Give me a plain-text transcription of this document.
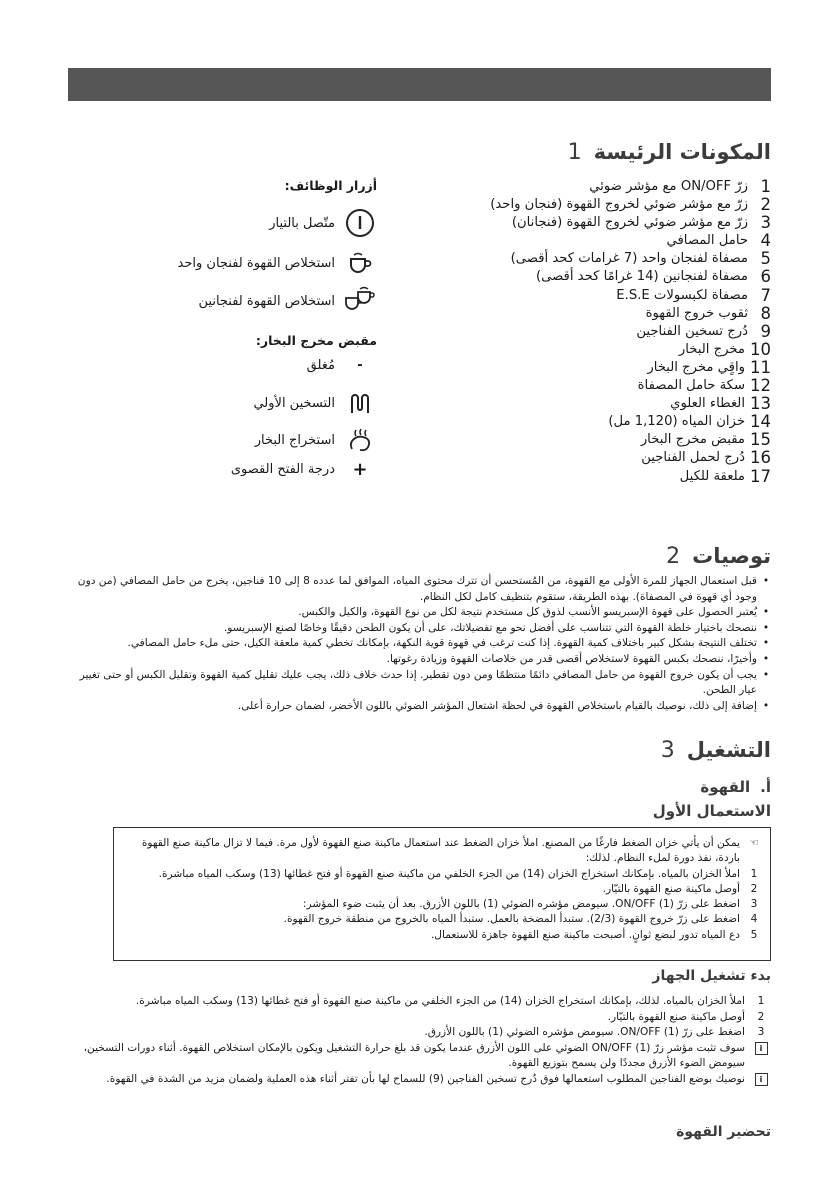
1 المكونات الرئيسة
1
زرّ ON/OFF مع مؤشر ضوئي
2
زرّ مع مؤشر ضوئي لخروج القهوة (فنجان واحد)
3
زرّ مع مؤشر ضوئي لخروج القهوة (فنجانان)
4
حامل المصافي
5
مصفاة لفنجان واحد (7 غرامات كحد أقصى)
6
مصفاة لفنجانين (14 غرامًا كحد أقصى)
7
مصفاة لكبسولات E.S.E
8
ثقوب خروج القهوة
9
دُرج تسخين الفناجين
10
مخرج البخار
11
واقٍي مخرج البخار
12
سكة حامل المصفاة
13
الغطاء العلوي
14
خزان المياه (1,120 مل)
15
مقبض مخرج البخار
16
دُرج لحمل الفناجين
17
ملعقة للكيل
أزرار الوظائف:
متّصل بالتيار
استخلاص القهوة لفنجان واحد
استخلاص القهوة لفنجانين
مقبض مخرج البخار:
-
مُغلق
التسخين الأولي
استخراج البخار
+
درجة الفتح القصوى
2 توصيات
•
قبل استعمال الجهاز للمرة الأولى مع القهوة، من المُستحسن أن تترك محتوى المياه، الموافق لما عدده 8 إلى 10 فناجين، يخرج من حامل المصافي (من دون وجود أي قهوة في المصفاة). بهذه الطريقة، ستقوم بتنظيف كامل لكل النظام.
•
يُعتبر الحصول على قهوة الإسبريسو الأنسب لذوق كل مستخدم نتيجة لكل من نوع القهوة، والكيل والكبس.
•
ننصحك باختيار خلطة القهوة التي تتناسب على أفضل نحو مع تفضيلاتك، على أن يكون الطحن دقيقًا وخاصًا لصنع الإسبريسو.
•
تختلف النتيجة بشكل كبير باختلاف كمية القهوة. إذا كنت ترغب في قهوة قوية النكهة، بإمكانك تخطي كمية ملعقة الكيل، حتى ملء حامل المصافي.
•
وأخيرًا، ننصحك بكبس القهوة لاستخلاص أقصى قدر من خلاصات القهوة وزيادة رغوتها.
•
يجب أن يكون خروج القهوة من حامل المصافي دائمًا منتظمًا ومن دون تقطير. إذا حدث خلاف ذلك، يجب عليك تقليل كمية القهوة وتقليل الكبس أو حتى تغيير عيار الطحن.
•
إضافة إلى ذلك، نوصيك بالقيام باستخلاص القهوة في لحظة اشتعال المؤشر الضوئي باللون الأخضر، لضمان حرارة أعلى.
3 التشغيل
أ.
القهوة
الاستعمال الأول
☜
يمكن أن يأتي خزان الضغط فارغًا من المصنع. املأ خزان الضغط عند استعمال ماكينة صنع القهوة لأول مرة. فيما لا تزال ماكينة صنع القهوة باردة، نفذ دورة لملء النظام. لذلك:
1
املأ الخزان بالمياه. بإمكانك استخراج الخزان (14) من الجزء الخلفي من ماكينة صنع القهوة أو فتح غطائها (13) وسكب المياه مباشرة.
2
أوصل ماكينة صنع القهوة بالتيّار.
3
اضغط على زرّ (1) ON/OFF. سيومض مؤشره الضوئي (1) باللون الأزرق. بعد أن يثبت ضوء المؤشر:
4
اضغط على زرّ خروج القهوة (2/3). ستبدأ المضخة بالعمل. ستبدأ المياه بالخروج من منطقة خروج القهوة.
5
دع المياه تدور لبضع ثوانٍ. أصبحت ماكينة صنع القهوة جاهزة للاستعمال.
بدء تشغيل الجهاز
1
املأ الخزان بالمياه. لذلك، بإمكانك استخراج الخزان (14) من الجزء الخلفي من ماكينة صنع القهوة أو فتح غطائها (13) وسكب المياه مباشرة.
2
أوصل ماكينة صنع القهوة بالتيّار.
3
اضغط على زرّ (1) ON/OFF. سيومض مؤشره الضوئي (1) باللون الأزرق.
i
سوف تثبت مؤشر زرّ (1) ON/OFF الضوئي على اللون الأزرق عندما يكون قد بلغ حرارة التشغيل ويكون بالإمكان استخلاص القهوة. أثناء دورات التسخين، سيومض الضوء الأزرق مجددًا ولن يسمح بتوزيع القهوة.
i
نوصيك بوضع الفناجين المطلوب استعمالها فوق دُرج تسخين الفناجين (9) للسماح لها بأن تفتر أثناء هذه العملية ولضمان مزيد من الشدة في القهوة.
تحضير القهوة
